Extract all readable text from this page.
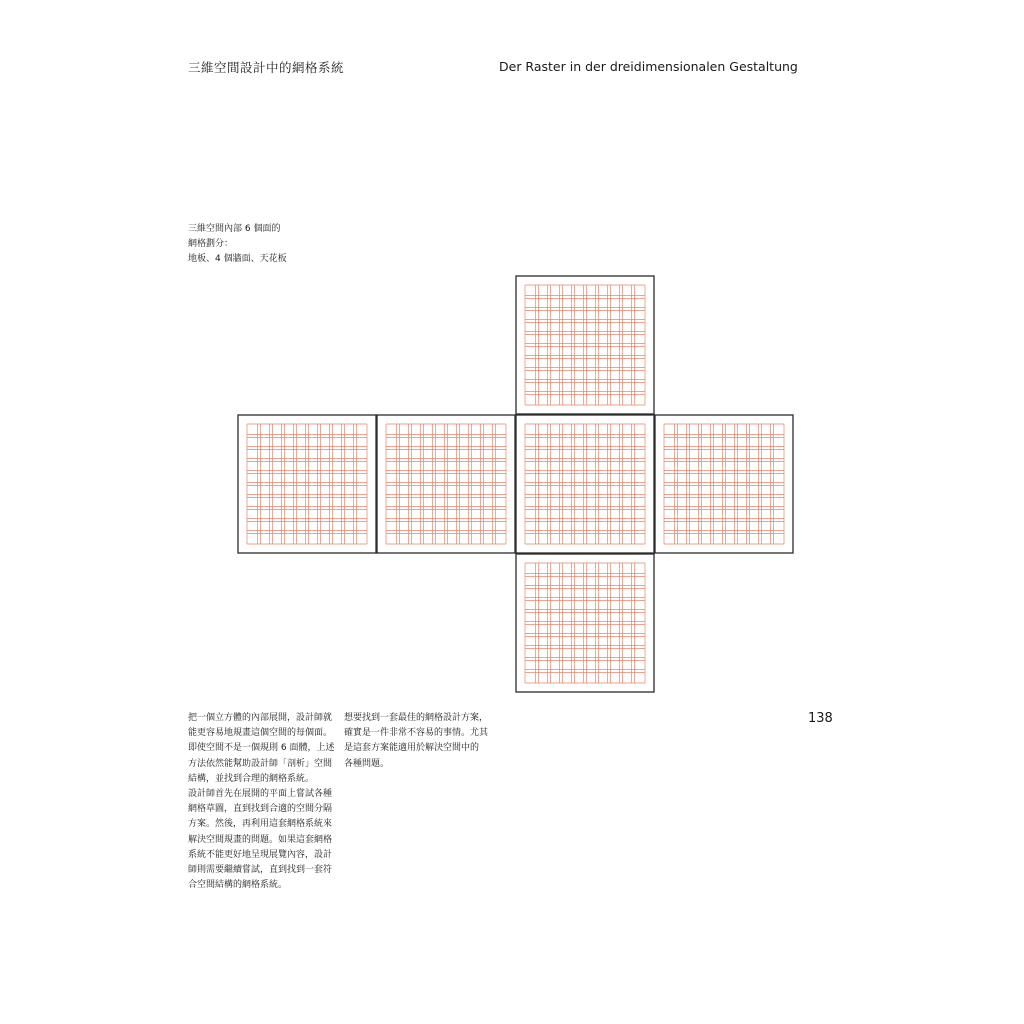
三維空間設計中的網格系統	Der Raster in der dreidimensionalen Gestaltung
三維空間內部 6 個面的
網格劃分：
地板、4 個牆面、天花板
把一個立方體的內部展開，設計師就
能更容易地規畫這個空間的每個面。
即使空間不是一個規則 6 面體，上述
方法依然能幫助設計師「剖析」空間
結構，並找到合理的網格系統。
設計師首先在展開的平面上嘗試各種
網格草圖，直到找到合適的空間分隔
方案。然後，再利用這套網格系統來
解決空間規畫的問題。如果這套網格
系統不能更好地呈現展覽內容，設計
師則需要繼續嘗試，直到找到一套符
合空間結構的網格系統。
想要找到一套最佳的網格設計方案，
確實是一件非常不容易的事情。尤其
是這套方案能適用於解決空間中的
各種問題。
138
